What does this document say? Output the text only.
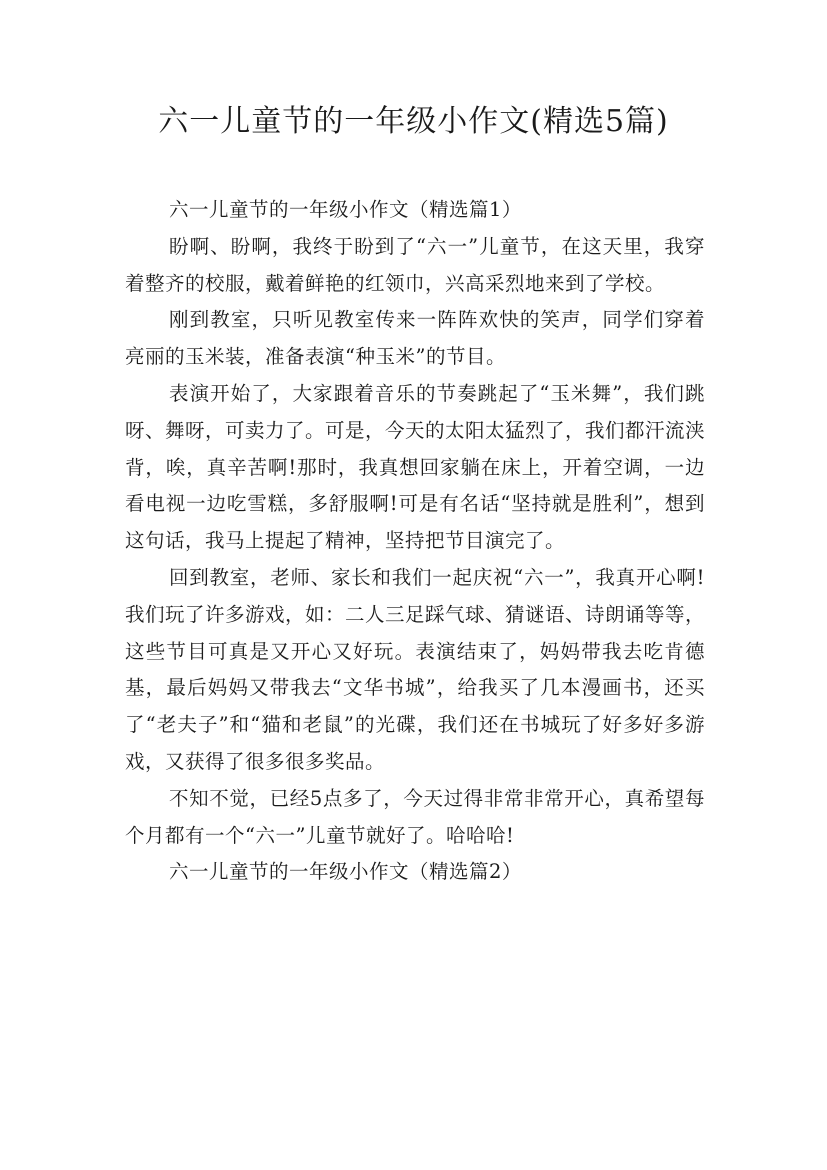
六一儿童节的一年级小作文(精选5篇)
六一儿童节的一年级小作文（精选篇1）

盼啊、盼啊，我终于盼到了“六一”儿童节，在这天里，我穿着整齐的校服，戴着鲜艳的红领巾，兴高采烈地来到了学校。

刚到教室，只听见教室传来一阵阵欢快的笑声，同学们穿着亮丽的玉米装，准备表演“种玉米”的节目。

表演开始了，大家跟着音乐的节奏跳起了“玉米舞”，我们跳呀、舞呀，可卖力了。可是，今天的太阳太猛烈了，我们都汗流浃背，唉，真辛苦啊!那时，我真想回家躺在床上，开着空调，一边看电视一边吃雪糕，多舒服啊!可是有名话“坚持就是胜利”，想到这句话，我马上提起了精神，坚持把节目演完了。

回到教室，老师、家长和我们一起庆祝“六一”，我真开心啊!我们玩了许多游戏，如：二人三足踩气球、猜谜语、诗朗诵等等，这些节目可真是又开心又好玩。表演结束了，妈妈带我去吃肯德基，最后妈妈又带我去“文华书城”，给我买了几本漫画书，还买了“老夫子”和“猫和老鼠”的光碟，我们还在书城玩了好多好多游戏，又获得了很多很多奖品。

不知不觉，已经5点多了，今天过得非常非常开心，真希望每个月都有一个“六一”儿童节就好了。哈哈哈!

六一儿童节的一年级小作文（精选篇2）
